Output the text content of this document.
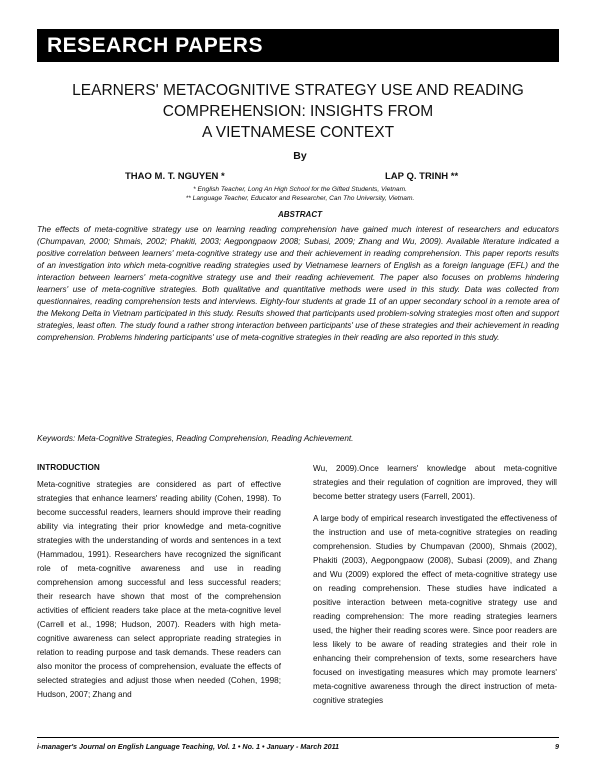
RESEARCH PAPERS
LEARNERS' METACOGNITIVE STRATEGY USE AND READING
COMPREHENSION: INSIGHTS FROM
A VIETNAMESE CONTEXT
By
THAO M. T. NGUYEN *	LAP Q. TRINH **
* English Teacher, Long An High School for the Gifted Students, Vietnam.
** Language Teacher, Educator and Researcher, Can Tho University, Vietnam.
ABSTRACT

The effects of meta-cognitive strategy use on learning reading comprehension have gained much interest of researchers and educators (Chumpavan, 2000; Shmais, 2002; Phakiti, 2003; Aegpongpaow 2008; Subasi, 2009; Zhang and Wu, 2009). Available literature indicated a positive correlation between learners' meta-cognitive strategy use and their achievement in reading comprehension. This paper reports results of an investigation into which meta-cognitive reading strategies used by Vietnamese learners of English as a foreign language (EFL) and the interaction between learners' meta-cognitive strategy use and their reading achievement. The paper also focuses on problems hindering learners' use of meta-cognitive strategies. Both qualitative and quantitative methods were used in this study. Data was collected from questionnaires, reading comprehension tests and interviews. Eighty-four students at grade 11 of an upper secondary school in a remote area of the Mekong Delta in Vietnam participated in this study. Results showed that participants used problem-solving strategies most often and support strategies, least often. The study found a rather strong interaction between participants' use of these strategies and their achievement in reading comprehension. Problems hindering participants' use of meta-cognitive strategies in their reading are also reported in this study.

Keywords: Meta-Cognitive Strategies, Reading Comprehension, Reading Achievement.
INTRODUCTION

Meta-cognitive strategies are considered as part of effective strategies that enhance learners' reading ability (Cohen, 1998). To become successful readers, learners should improve their reading ability via integrating their prior knowledge and meta-cognitive strategies with the understanding of words and sentences in a text (Hammadou, 1991). Researchers have recognized the significant role of meta-cognitive awareness and use in reading comprehension among successful and less successful readers; their research have shown that most of the comprehension activities of efficient readers take place at the meta-cognitive level (Carrell et al., 1998; Hudson, 2007). Readers with high meta-cognitive awareness can select appropriate reading strategies in relation to reading purpose and task demands. These readers can also monitor the process of comprehension, evaluate the effects of selected strategies and adjust those when needed (Cohen, 1998; Hudson, 2007; Zhang and

Wu, 2009).Once learners' knowledge about meta-cognitive strategies and their regulation of cognition are improved, they will become better strategy users (Farrell, 2001).

A large body of empirical research investigated the effectiveness of the instruction and use of meta-cognitive strategies on reading comprehension. Studies by Chumpavan (2000), Shmais (2002), Phakiti (2003), Aegpongpaow (2008), Subasi (2009), and Zhang and Wu (2009) explored the effect of meta-cognitive strategy use on reading comprehension. These studies have indicated a positive interaction between meta-cognitive strategy use and reading comprehension: The more reading strategies learners used, the higher their reading scores were. Since poor readers are less likely to be aware of reading strategies and their role in enhancing their comprehension of texts, some researchers have focused on investigating measures which may promote learners' meta-cognitive awareness through the direct instruction of meta-cognitive strategies

i-manager's Journal on English Language Teaching, Vol. 1 • No. 1 • January - March 2011	9
